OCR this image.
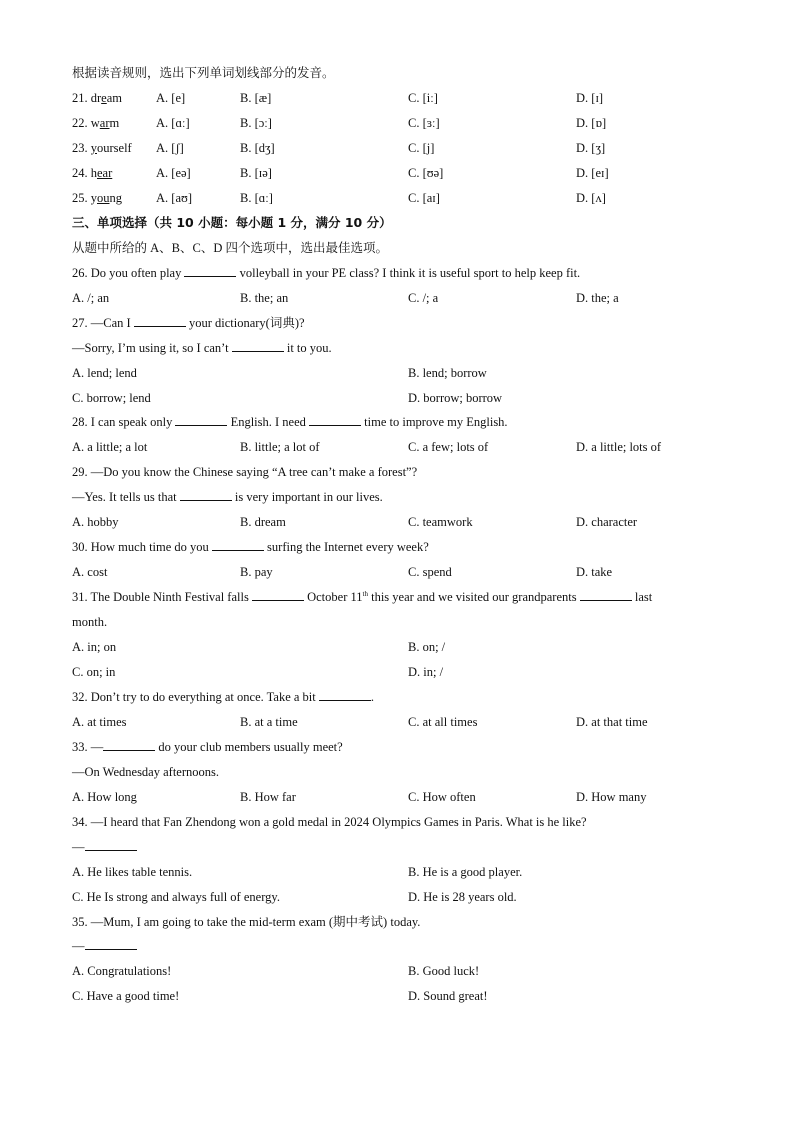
根据读音规则，选出下列单词划线部分的发音。
21. dream	A. [e]	B. [æ]	C. [iː]	D. [ɪ]
22. warm	A. [ɑː]	B. [ɔː]	C. [ɜː]	D. [ɒ]
23. yourself A. [ʃ]	B. [dʒ]	C. [j]	D. [ʒ]
24. hear	A. [eə]	B. [ɪə]	C. [ʊə]	D. [eɪ]
25. young	A. [aʊ]	B. [ɑː]	C. [aɪ]	D. [ʌ]
三、单项选择（共 10 小题：每小题 1 分，满分 10 分）
从题中所给的 A、B、C、D 四个选项中，选出最佳选项。
26. Do you often play	volleyball in your PE class? I think it is useful sport to help keep fit.
A. /; an	B. the; an	C. /; a	D. the; a
27. —Can I	your dictionary(词典)?
—Sorry, I’m using it, so I can’t	it to you.
A. lend; lend	B. lend; borrow
C. borrow; lend	D. borrow; borrow
28. I can speak only	English. I need	time to improve my English.
A. a little; a lot	B. little; a lot of	C. a few; lots of	D. a little; lots of
29. —Do you know the Chinese saying “A tree can’t make a forest”?
—Yes. It tells us that	is very important in our lives.
A. hobby	B. dream	C. teamwork	D. character
30. How much time do you	surfing the Internet every week?
A. cost	B. pay	C. spend	D. take
31. The Double Ninth Festival falls	October 11th this year and we visited our grandparents	last
month.
A. in; on	B. on; /
C. on; in	D. in; /
32. Don’t try to do everything at once. Take a bit	.
A. at times	B. at a time	C. at all times	D. at that time
33. —	do your club members usually meet?
—On Wednesday afternoons.
A. How long	B. How far	C. How often	D. How many
34. —I heard that Fan Zhendong won a gold medal in 2024 Olympics Games in Paris. What is he like?
—
A. He likes table tennis.	B. He is a good player.
C. He Is strong and always full of energy.	D. He is 28 years old.
35. —Mum, I am going to take the mid-term exam (期中考试) today.
—
A. Congratulations!	B. Good luck!
C. Have a good time!	D. Sound great!
